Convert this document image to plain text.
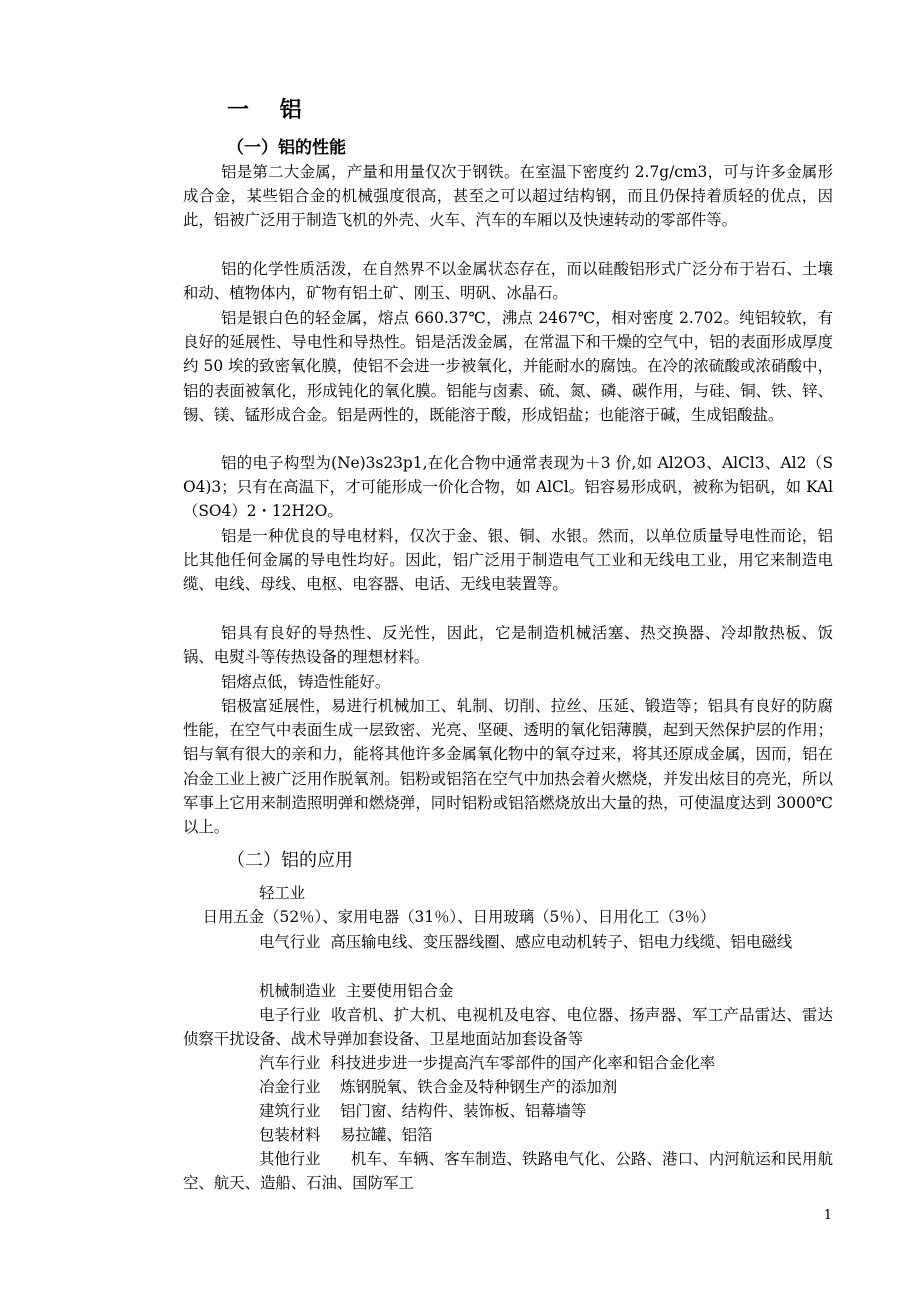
一 铝
（一）铝的性能
铝是第二大金属，产量和用量仅次于钢铁。在室温下密度约 2.7g/cm3，可与许多金属形成合金，某些铝合金的机械强度很高，甚至之可以超过结构钢，而且仍保持着质轻的优点，因此，铝被广泛用于制造飞机的外壳、火车、汽车的车厢以及快速转动的零部件等。
铝的化学性质活泼，在自然界不以金属状态存在，而以硅酸铝形式广泛分布于岩石、土壤和动、植物体内，矿物有铝土矿、刚玉、明矾、冰晶石。
铝是银白色的轻金属，熔点 660.37℃，沸点 2467℃，相对密度 2.702。纯铝较软，有良好的延展性、导电性和导热性。铝是活泼金属，在常温下和干燥的空气中，铝的表面形成厚度约 50 埃的致密氧化膜，使铝不会进一步被氧化，并能耐水的腐蚀。在冷的浓硫酸或浓硝酸中，铝的表面被氧化，形成钝化的氧化膜。铝能与卤素、硫、氮、磷、碳作用，与硅、铜、铁、锌、锡、镁、锰形成合金。铝是两性的，既能溶于酸，形成铝盐；也能溶于碱，生成铝酸盐。
铝的电子构型为(Ne)3s23p1,在化合物中通常表现为＋3 价,如 Al2O3、AlCl3、Al2（SO4)3；只有在高温下，才可能形成一价化合物，如 AlCl。铝容易形成矾，被称为铝矾，如 KAl（SO4）2・12H2O。
铝是一种优良的导电材料，仅次于金、银、铜、水银。然而，以单位质量导电性而论，铝比其他任何金属的导电性均好。因此，铝广泛用于制造电气工业和无线电工业，用它来制造电缆、电线、母线、电枢、电容器、电话、无线电装置等。
铝具有良好的导热性、反光性，因此，它是制造机械活塞、热交换器、冷却散热板、饭锅、电熨斗等传热设备的理想材料。
铝熔点低，铸造性能好。
铝极富延展性，易进行机械加工、轧制、切削、拉丝、压延、锻造等；铝具有良好的防腐性能，在空气中表面生成一层致密、光亮、坚硬、透明的氧化铝薄膜，起到天然保护层的作用；铝与氧有很大的亲和力，能将其他许多金属氧化物中的氧夺过来，将其还原成金属，因而，铝在冶金工业上被广泛用作脱氧剂。铝粉或铝箔在空气中加热会着火燃烧，并发出炫目的亮光，所以军事上它用来制造照明弹和燃烧弹，同时铝粉或铝箔燃烧放出大量的热，可使温度达到 3000℃以上。
（二）铝的应用
轻工业    日用五金（52％）、家用电器（31％）、日用玻璃（5％）、日用化工（3％）
电气行业 高压输电线、变压器线圈、感应电动机转子、铝电力线缆、铝电磁线
机械制造业 主要使用铝合金
电子行业 收音机、扩大机、电视机及电容、电位器、扬声器、军工产品雷达、雷达侦察干扰设备、战术导弹加套设备、卫星地面站加套设备等
汽车行业 科技进步进一步提高汽车零部件的国产化率和铝合金化率
冶金行业 炼钢脱氧、铁合金及特种钢生产的添加剂
建筑行业 铝门窗、结构件、装饰板、铝幕墙等
包装材料 易拉罐、铝箔
其他行业 机车、车辆、客车制造、铁路电气化、公路、港口、内河航运和民用航空、航天、造船、石油、国防军工
1
